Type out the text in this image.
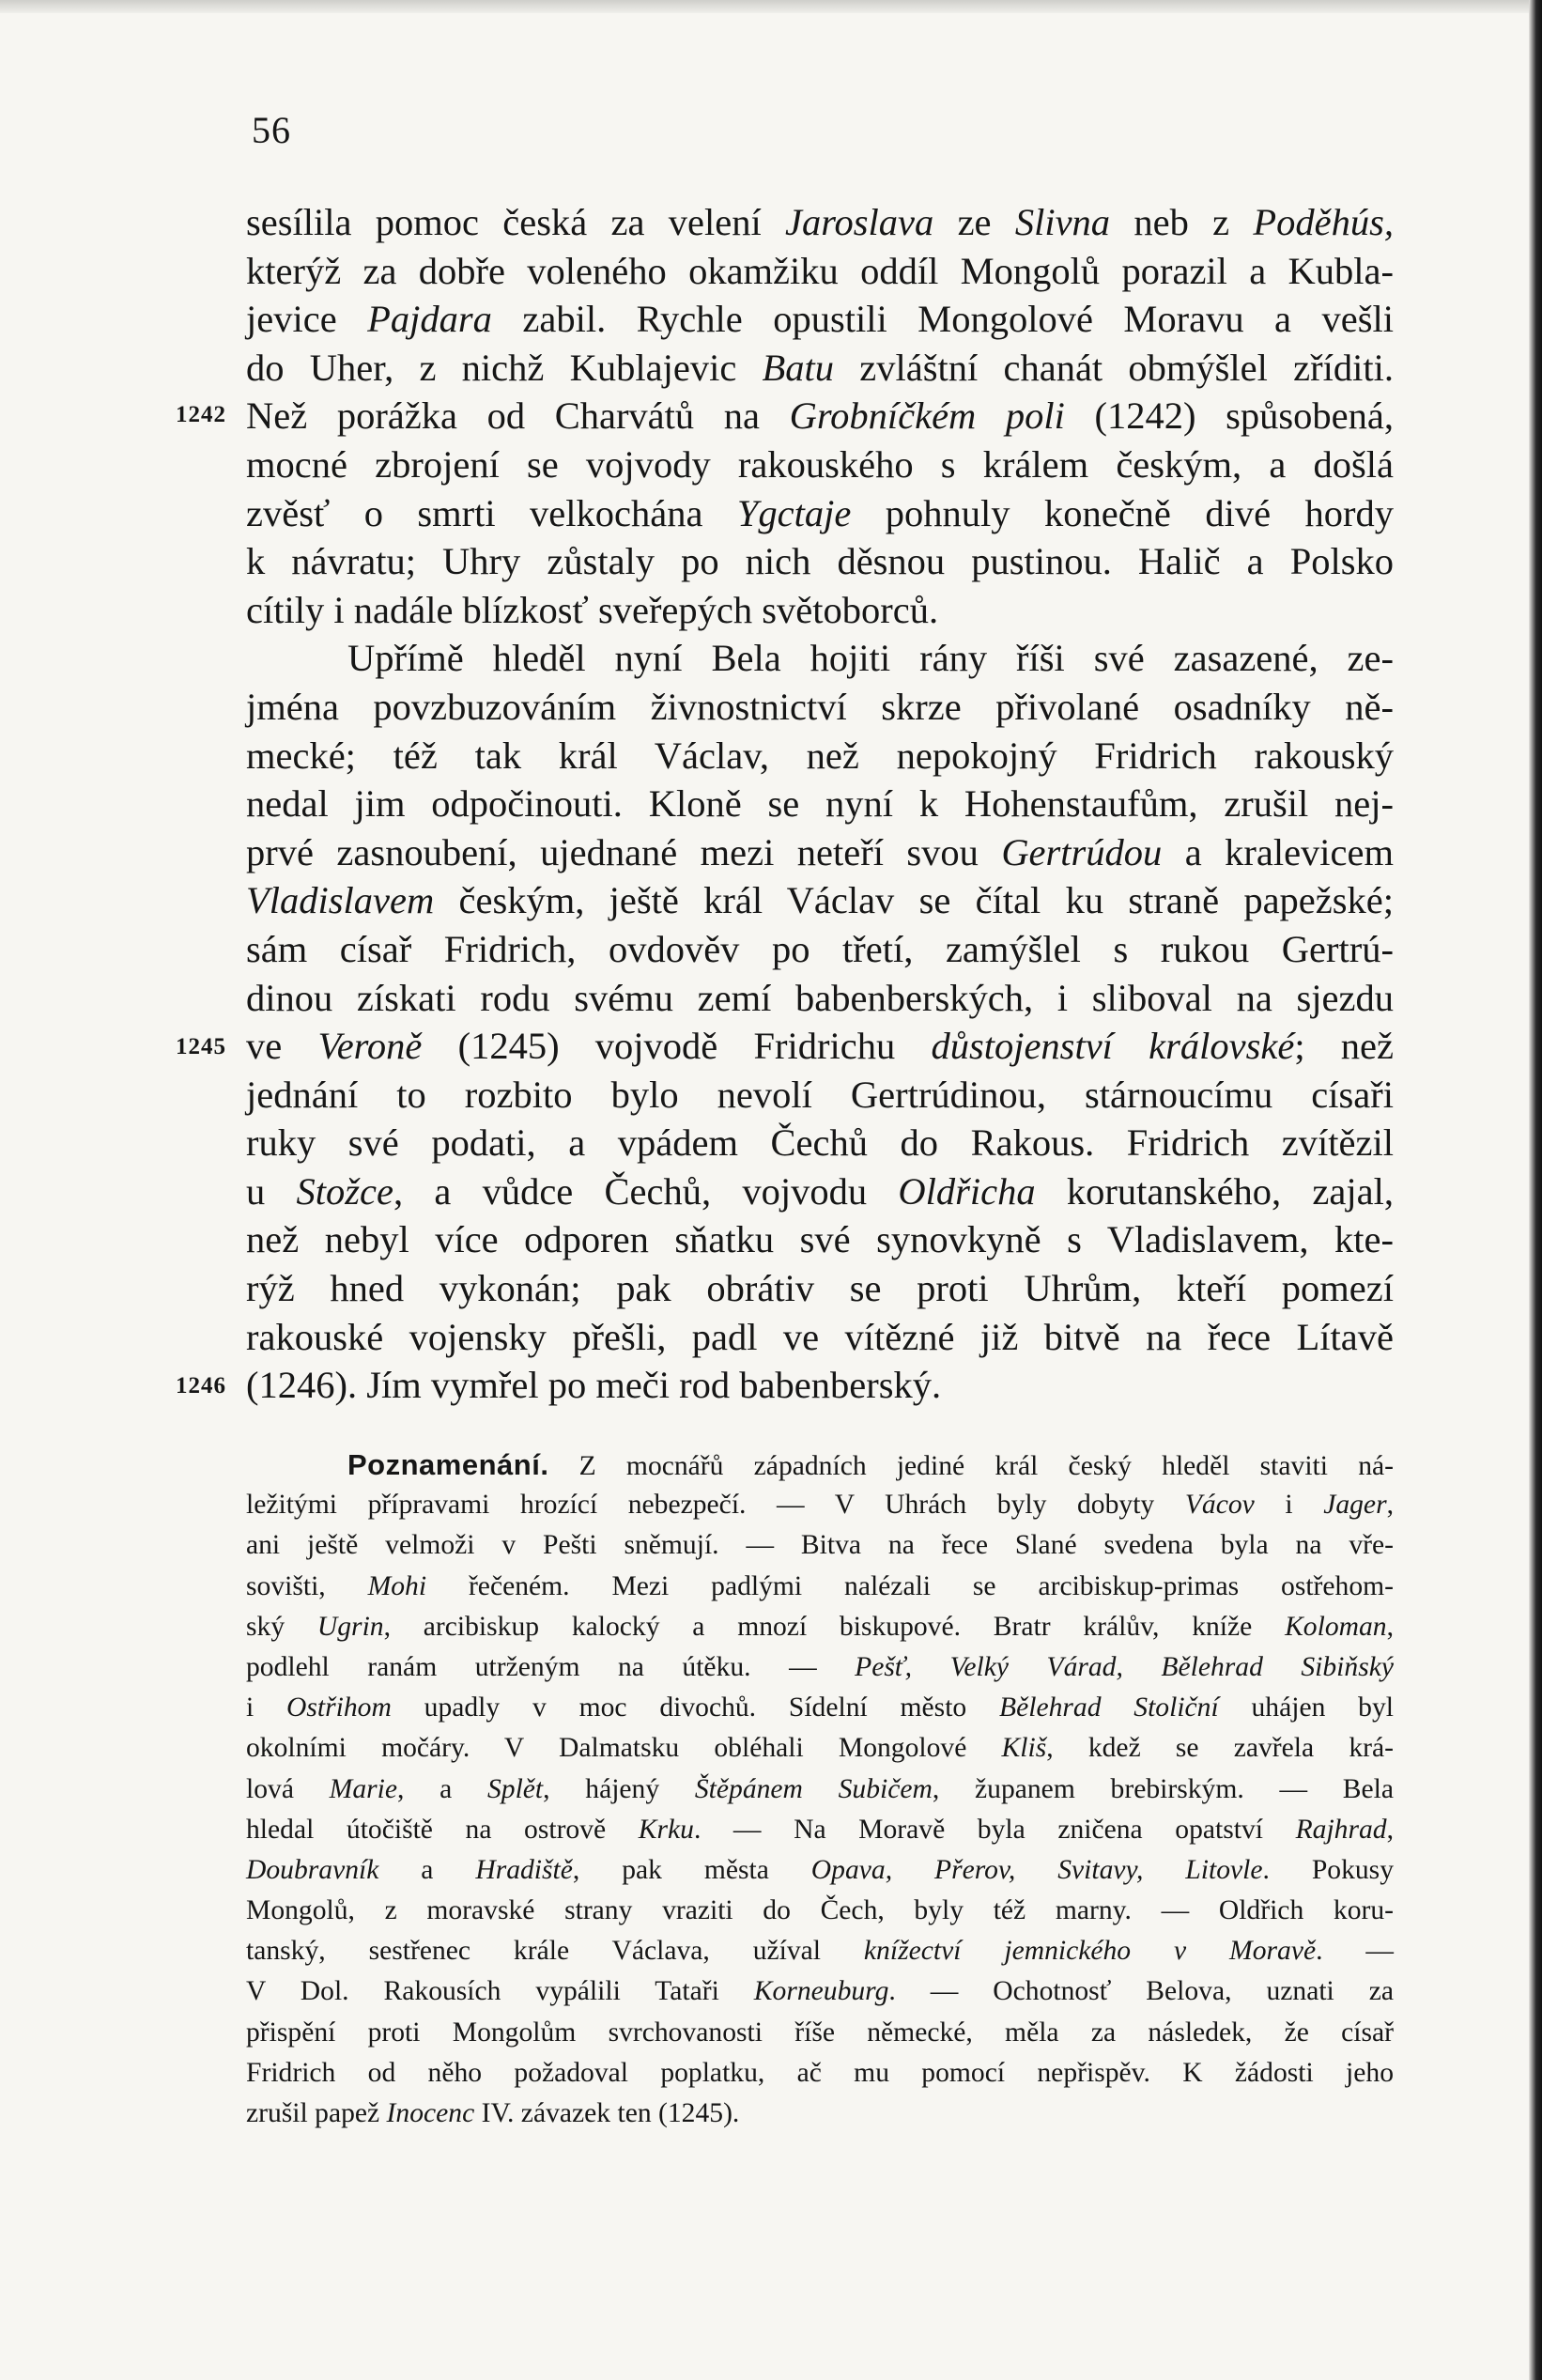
56
1242
1245
1246
sesílila pomoc česká za velení Jaroslava ze Slivna neb z Poděhús,
kterýž za dobře voleného okamžiku oddíl Mongolů porazil a Kubla-
jevice Pajdara zabil. Rychle opustili Mongolové Moravu a vešli
do Uher, z nichž Kublajevic Batu zvláštní chanát obmýšlel zříditi.
Než porážka od Charvátů na Grobníčkém poli (1242) spůsobená,
mocné zbrojení se vojvody rakouského s králem českým, a došlá
zvěsť o smrti velkochána Ygctaje pohnuly konečně divé hordy
k návratu; Uhry zůstaly po nich děsnou pustinou. Halič a Polsko
cítily i nadále blízkosť sveřepých světoborců.
Upřímě hleděl nyní Bela hojiti rány říši své zasazené, ze-
jména povzbuzováním živnostnictví skrze přivolané osadníky ně-
mecké; též tak král Václav, než nepokojný Fridrich rakouský
nedal jim odpočinouti. Kloně se nyní k Hohenstaufům, zrušil nej-
prvé zasnoubení, ujednané mezi neteří svou Gertrúdou a kralevicem
Vladislavem českým, ještě král Václav se čítal ku straně papežské;
sám císař Fridrich, ovdověv po třetí, zamýšlel s rukou Gertrú-
dinou získati rodu svému zemí babenberských, i sliboval na sjezdu
ve Veroně (1245) vojvodě Fridrichu důstojenství královské; než
jednání to rozbito bylo nevolí Gertrúdinou, stárnoucímu císaři
ruky své podati, a vpádem Čechů do Rakous. Fridrich zvítězil
u Stožce, a vůdce Čechů, vojvodu Oldřicha korutanského, zajal,
než nebyl více odporen sňatku své synovkyně s Vladislavem, kte-
rýž hned vykonán; pak obrátiv se proti Uhrům, kteří pomezí
rakouské vojensky přešli, padl ve vítězné již bitvě na řece Lítavě
(1246). Jím vymřel po meči rod babenberský.
Poznamenání. Z mocnářů západních jediné král český hleděl staviti ná-
ležitými přípravami hrozící nebezpečí. — V Uhrách byly dobyty Vácov i Jager,
ani ještě velmoži v Pešti sněmují. — Bitva na řece Slané svedena byla na vře-
sovišti, Mohi řečeném. Mezi padlými nalézali se arcibiskup-primas ostřehom-
ský Ugrin, arcibiskup kalocký a mnozí biskupové. Bratr králův, kníže Koloman,
podlehl ranám utrženým na útěku. — Pešť, Velký Várad, Bělehrad Sibiňský
i Ostřihom upadly v moc divochů. Sídelní město Bělehrad Stoliční uhájen byl
okolními močáry. V Dalmatsku obléhali Mongolové Kliš, kdež se zavřela krá-
lová Marie, a Splět, hájený Štěpánem Subičem, županem brebirským. — Bela
hledal útočiště na ostrově Krku. — Na Moravě byla zničena opatství Rajhrad,
Doubravník a Hradiště, pak města Opava, Přerov, Svitavy, Litovle. Pokusy
Mongolů, z moravské strany vraziti do Čech, byly též marny. — Oldřich koru-
tanský, sestřenec krále Václava, užíval knížectví jemnického v Moravě. —
V Dol. Rakousích vypálili Tataři Korneuburg. — Ochotnosť Belova, uznati za
přispění proti Mongolům svrchovanosti říše německé, měla za následek, že císař
Fridrich od něho požadoval poplatku, ač mu pomocí nepřispěv. K žádosti jeho
zrušil papež Inocenc IV. závazek ten (1245).
